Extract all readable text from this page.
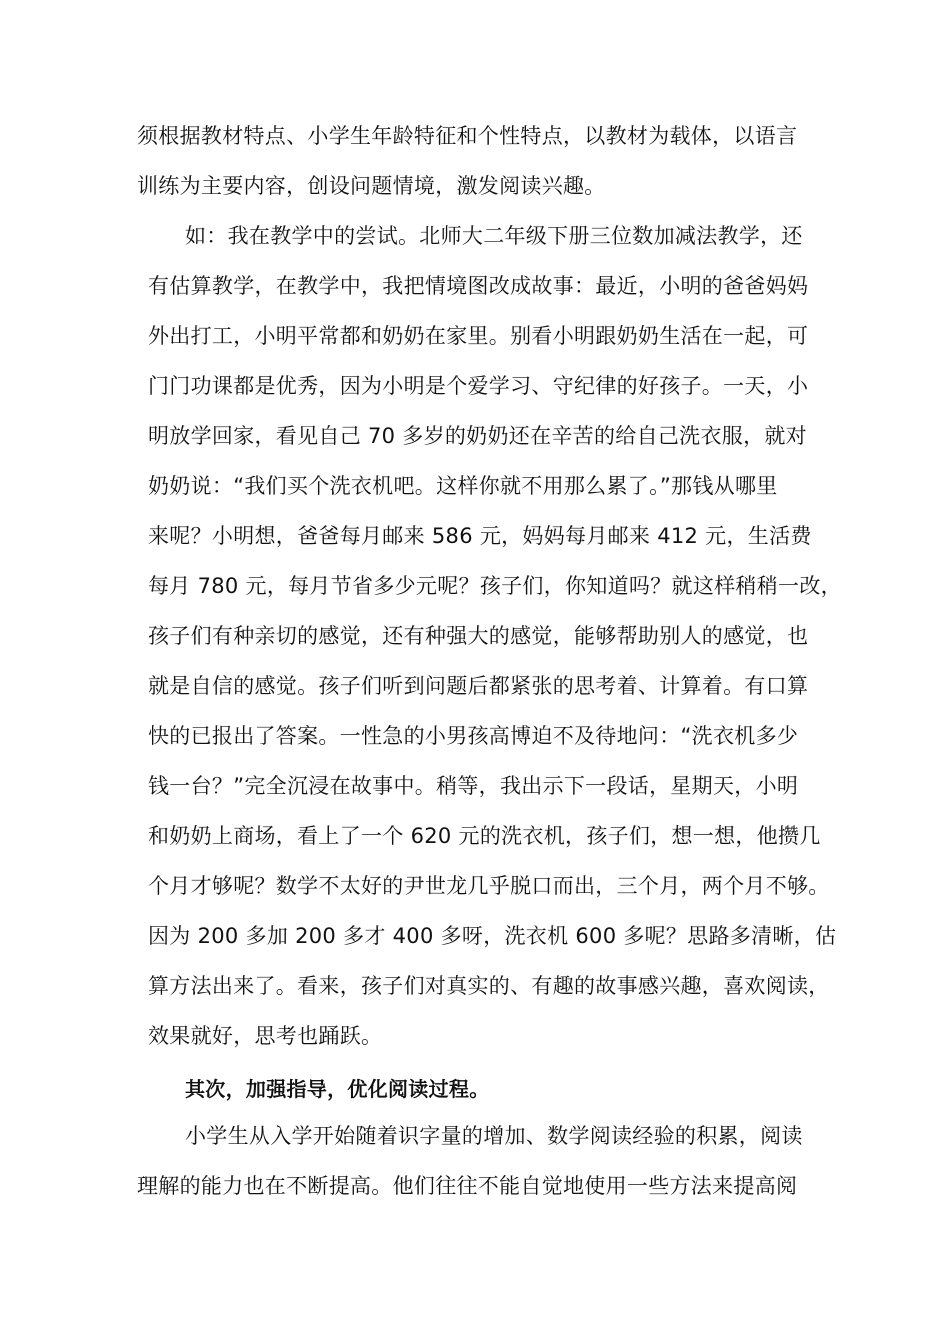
须根据教材特点、小学生年龄特征和个性特点，以教材为载体，以语言
训练为主要内容，创设问题情境，激发阅读兴趣。
如：我在教学中的尝试。北师大二年级下册三位数加减法教学，还
有估算教学，在教学中，我把情境图改成故事：最近，小明的爸爸妈妈
外出打工，小明平常都和奶奶在家里。别看小明跟奶奶生活在一起，可
门门功课都是优秀，因为小明是个爱学习、守纪律的好孩子。一天，小
明放学回家，看见自己 70 多岁的奶奶还在辛苦的给自己洗衣服，就对
奶奶说：“我们买个洗衣机吧。这样你就不用那么累了。”那钱从哪里
来呢？小明想，爸爸每月邮来 586 元，妈妈每月邮来 412 元，生活费
每月 780 元，每月节省多少元呢？孩子们，你知道吗？就这样稍稍一改，
孩子们有种亲切的感觉，还有种强大的感觉，能够帮助别人的感觉，也
就是自信的感觉。孩子们听到问题后都紧张的思考着、计算着。有口算
快的已报出了答案。一性急的小男孩高博迫不及待地问：“洗衣机多少
钱一台？”完全沉浸在故事中。稍等，我出示下一段话，星期天，小明
和奶奶上商场，看上了一个 620 元的洗衣机，孩子们，想一想，他攒几
个月才够呢？数学不太好的尹世龙几乎脱口而出，三个月，两个月不够。
因为 200 多加 200 多才 400 多呀，洗衣机 600 多呢？思路多清晰，估
算方法出来了。看来，孩子们对真实的、有趣的故事感兴趣，喜欢阅读，
效果就好，思考也踊跃。
其次，加强指导，优化阅读过程。
小学生从入学开始随着识字量的增加、数学阅读经验的积累，阅读
理解的能力也在不断提高。他们往往不能自觉地使用一些方法来提高阅
